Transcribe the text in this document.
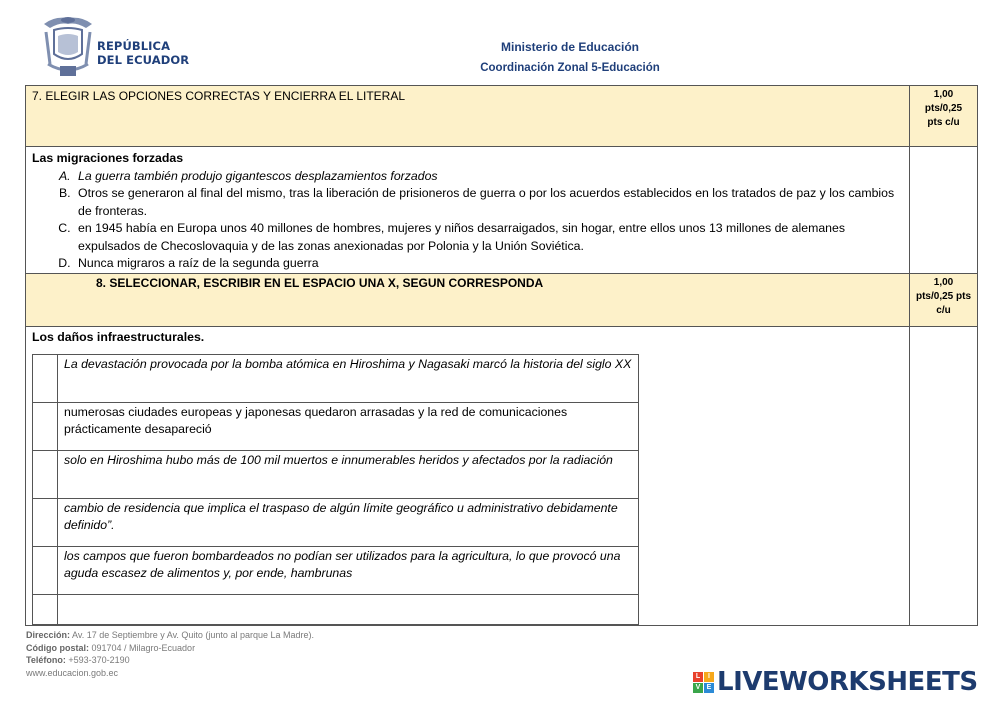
REPÚBLICA
DEL ECUADOR
Ministerio de Educación
Coordinación Zonal 5-Educación
7. ELEGIR LAS OPCIONES CORRECTAS Y ENCIERRA EL LITERAL	1,00
pts/0,25
pts c/u

Las migraciones forzadas
A. La guerra también produjo gigantescos desplazamientos forzados
B. Otros se generaron al final del mismo, tras la liberación de prisioneros de guerra o por los acuerdos establecidos en los tratados de paz y los cambios de fronteras.
C. en 1945 había en Europa unos 40 millones de hombres, mujeres y niños desarraigados, sin hogar, entre ellos unos 13 millones de alemanes expulsados de Checoslovaquia y de las zonas anexionadas por Polonia y la Unión Soviética.
D. Nunca migraros a raíz de la segunda guerra

8. SELECCIONAR, ESCRIBIR EN EL ESPACIO UNA X, SEGUN CORRESPONDA	1,00
pts/0,25 pts
c/u

Los daños infraestructurales.
	La devastación provocada por la bomba atómica en Hiroshima y Nagasaki marcó la historia del siglo XX
	numerosas ciudades europeas y japonesas quedaron arrasadas y la red de comunicaciones prácticamente desapareció
	solo en Hiroshima hubo más de 100 mil muertos e innumerables heridos y afectados por la radiación
	cambio de residencia que implica el traspaso de algún límite geográfico u administrativo debidamente definido”.
	los campos que fueron bombardeados no podían ser utilizados para la agricultura, lo que provocó una aguda escasez de alimentos y, por ende, hambrunas

Dirección: Av. 17 de Septiembre y Av. Quito (junto al parque La Madre).
Código postal: 091704 / Milagro-Ecuador
Teléfono: +593-370-2190
www.educacion.gob.ec	L	I
V E LIVEWORKSHEETS
